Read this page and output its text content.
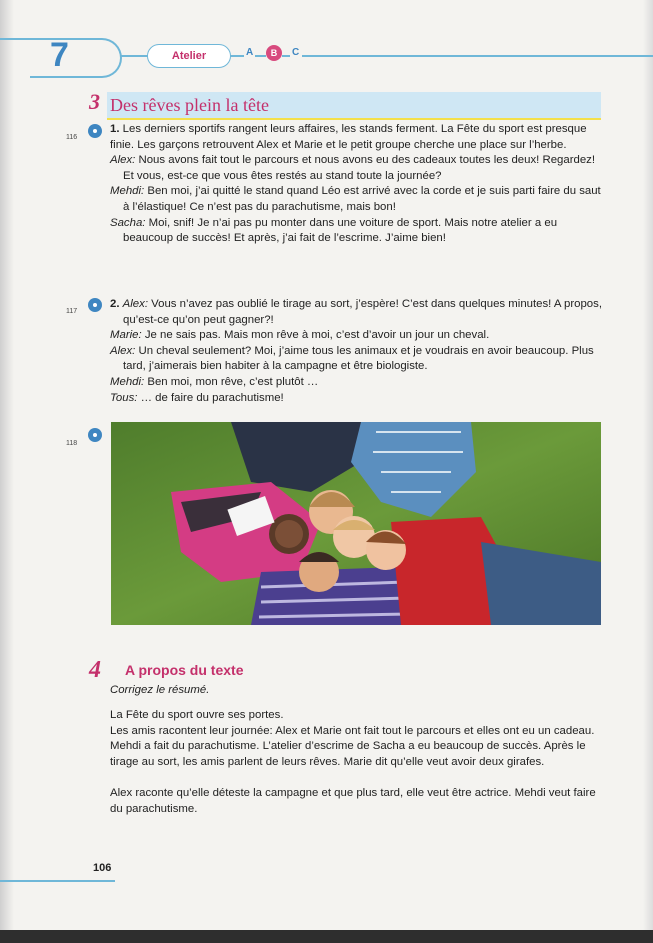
7	Atelier	A	B	C
3 Des rêves plein la tête
116

1. Les derniers sportifs rangent leurs affaires, les stands ferment. La Fête du sport est presque finie. Les garçons retrouvent Alex et Marie et le petit groupe cherche une place sur l’herbe.

Alex: Nous avons fait tout le parcours et nous avons eu des cadeaux toutes les deux! Regardez! Et vous, est-ce que vous êtes restés au stand toute la journée?

Mehdi: Ben moi, j’ai quitté le stand quand Léo est arrivé avec la corde et je suis parti faire du saut à l’élastique! Ce n’est pas du parachutisme, mais bon!

Sacha: Moi, snif! Je n’ai pas pu monter dans une voiture de sport. Mais notre atelier a eu beaucoup de succès! Et après, j’ai fait de l’escrime. J’aime bien!

117

2. Alex: Vous n’avez pas oublié le tirage au sort, j’espère! C’est dans quelques minutes! A propos, qu’est-ce qu’on peut gagner?!

Marie: Je ne sais pas. Mais mon rêve à moi, c’est d’avoir un jour un cheval.

Alex: Un cheval seulement? Moi, j’aime tous les animaux et je voudrais en avoir beaucoup. Plus tard, j’aimerais bien habiter à la campagne et être biologiste.

Mehdi: Ben moi, mon rêve, c’est plutôt …

Tous: … de faire du parachutisme!

118
4 A propos du texte
Corrigez le résumé.

La Fête du sport ouvre ses portes.

Les amis racontent leur journée: Alex et Marie ont fait tout le parcours et elles ont eu un cadeau. Mehdi a fait du parachutisme. L’atelier d’escrime de Sacha a eu beaucoup de succès. Après le tirage au sort, les amis parlent de leurs rêves. Marie dit qu’elle veut avoir deux girafes.

Alex raconte qu’elle déteste la campagne et que plus tard, elle veut être actrice. Mehdi veut faire du parachutisme.

106
